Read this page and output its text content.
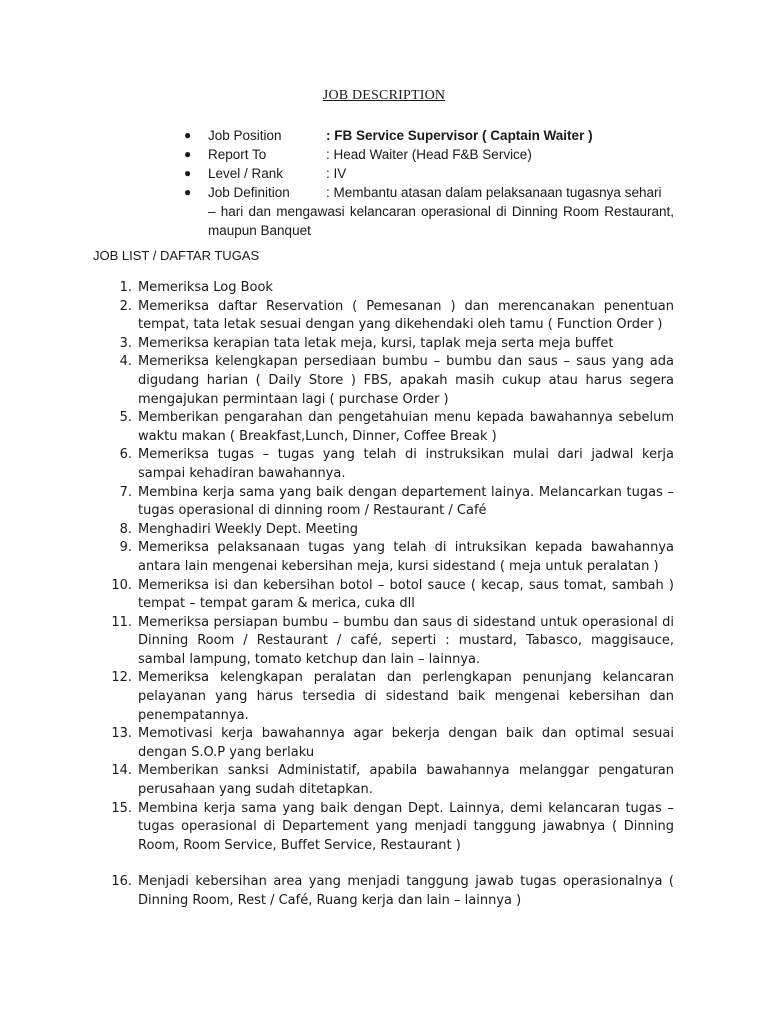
JOB DESCRIPTION
●	Job Position	: FB Service Supervisor ( Captain Waiter )
●	Report To	: Head Waiter (Head F&B Service)
●	Level / Rank	: IV
●	Job Definition	: Membantu atasan dalam pelaksanaan tugasnya sehari
– hari dan mengawasi kelancaran operasional di Dinning Room Restaurant, maupun Banquet
JOB LIST / DAFTAR TUGAS
1. Memeriksa Log Book
2. Memeriksa daftar Reservation ( Pemesanan ) dan merencanakan penentuan tempat, tata letak sesuai dengan yang dikehendaki oleh tamu ( Function Order )
3. Memeriksa kerapian tata letak meja, kursi, taplak meja serta meja buffet
4. Memeriksa kelengkapan persediaan bumbu – bumbu dan saus – saus yang ada digudang harian ( Daily Store ) FBS, apakah masih cukup atau harus segera mengajukan permintaan lagi ( purchase Order )
5. Memberikan pengarahan dan pengetahuian menu kepada bawahannya sebelum waktu makan ( Breakfast,Lunch, Dinner, Coffee Break )
6. Memeriksa tugas – tugas yang telah di instruksikan mulai dari jadwal kerja sampai kehadiran bawahannya.
7. Membina kerja sama yang baik dengan departement lainya. Melancarkan tugas – tugas operasional di dinning room / Restaurant / Café
8. Menghadiri Weekly Dept. Meeting
9. Memeriksa pelaksanaan tugas yang telah di intruksikan kepada bawahannya antara lain mengenai kebersihan meja, kursi sidestand ( meja untuk peralatan )
10. Memeriksa isi dan kebersihan botol – botol sauce ( kecap, saus tomat, sambah ) tempat – tempat garam & merica, cuka dll
11. Memeriksa persiapan bumbu – bumbu dan saus di sidestand untuk operasional di Dinning Room / Restaurant / café, seperti : mustard, Tabasco, maggisauce, sambal lampung, tomato ketchup dan lain – lainnya.
12. Memeriksa kelengkapan peralatan dan perlengkapan penunjang kelancaran pelayanan yang harus tersedia di sidestand baik mengenai kebersihan dan penempatannya.
13. Memotivasi kerja bawahannya agar bekerja dengan baik dan optimal sesuai dengan S.O.P yang berlaku
14. Memberikan sanksi Administatif, apabila bawahannya melanggar pengaturan perusahaan yang sudah ditetapkan.
15. Membina kerja sama yang baik dengan Dept. Lainnya, demi kelancaran tugas – tugas operasional di Departement yang menjadi tanggung jawabnya ( Dinning Room, Room Service, Buffet Service, Restaurant )
16. Menjadi kebersihan area yang menjadi tanggung jawab tugas operasionalnya ( Dinning Room, Rest / Café, Ruang kerja dan lain – lainnya )
